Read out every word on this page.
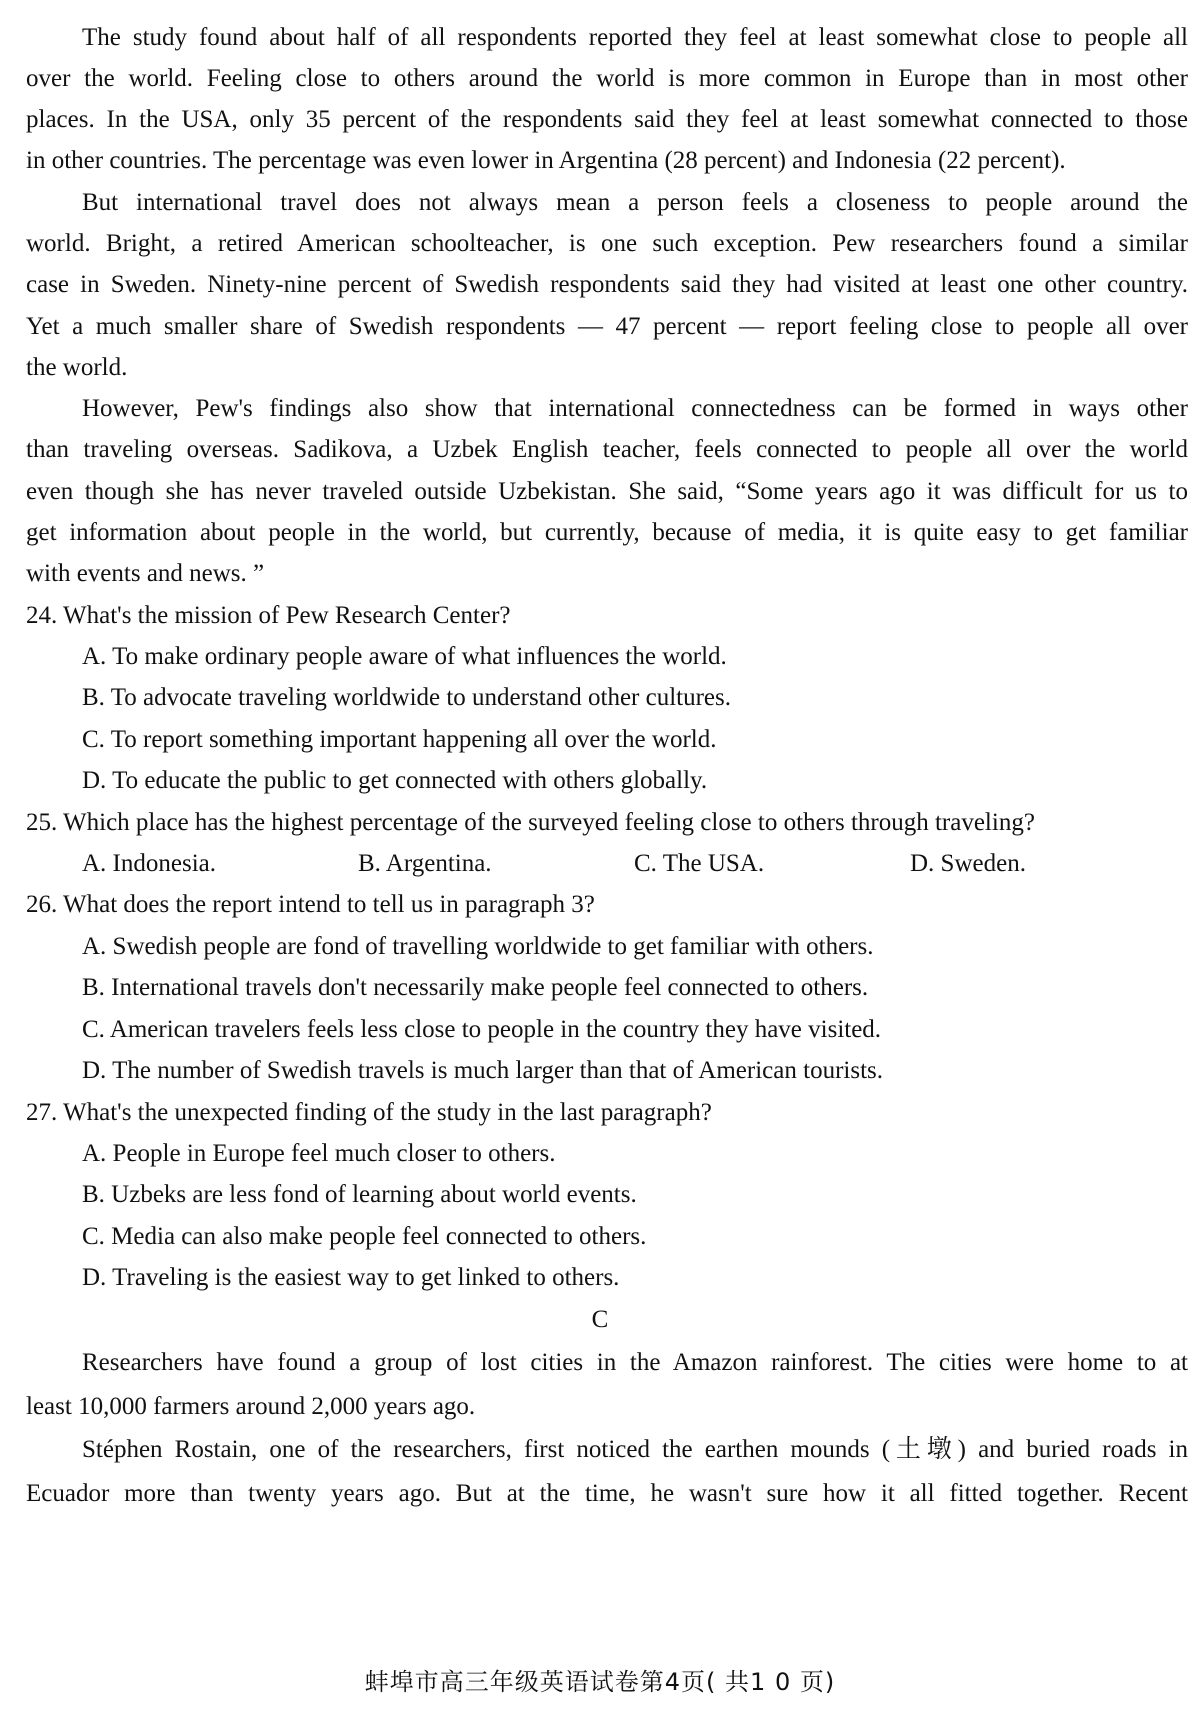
The study found about half of all respondents reported they feel at least somewhat close to people all
over the world. Feeling close to others around the world is more common in Europe than in most other
places. In the USA, only 35 percent of the respondents said they feel at least somewhat connected to those
in other countries. The percentage was even lower in Argentina (28 percent) and Indonesia (22 percent).
But international travel does not always mean a person feels a closeness to people around the
world. Bright, a retired American schoolteacher, is one such exception. Pew researchers found a similar
case in Sweden. Ninety-nine percent of Swedish respondents said they had visited at least one other country.
Yet a much smaller share of Swedish respondents — 47 percent — report feeling close to people all over
the world.
However, Pew's findings also show that international connectedness can be formed in ways other
than traveling overseas. Sadikova, a Uzbek English teacher, feels connected to people all over the world
even though she has never traveled outside Uzbekistan. She said, “Some years ago it was difficult for us to
get information about people in the world, but currently, because of media, it is quite easy to get familiar
with events and news. ”
24. What's the mission of Pew Research Center?
A. To make ordinary people aware of what influences the world.
B. To advocate traveling worldwide to understand other cultures.
C. To report something important happening all over the world.
D. To educate the public to get connected with others globally.
25. Which place has the highest percentage of the surveyed feeling close to others through traveling?
A. Indonesia.	B. Argentina.	C. The USA.	D. Sweden.
26. What does the report intend to tell us in paragraph 3?
A. Swedish people are fond of travelling worldwide to get familiar with others.
B. International travels don't necessarily make people feel connected to others.
C. American travelers feels less close to people in the country they have visited.
D. The number of Swedish travels is much larger than that of American tourists.
27. What's the unexpected finding of the study in the last paragraph?
A. People in Europe feel much closer to others.
B. Uzbeks are less fond of learning about world events.
C. Media can also make people feel connected to others.
D. Traveling is the easiest way to get linked to others.
C
Researchers have found a group of lost cities in the Amazon rainforest. The cities were home to at
least 10,000 farmers around 2,000 years ago.
Stéphen Rostain, one of the researchers, first noticed the earthen mounds (土墩) and buried roads in
Ecuador more than twenty years ago. But at the time, he wasn't sure how it all fitted together. Recent
蚌埠市高三年级英语试卷第4页( 共1 0 页)
